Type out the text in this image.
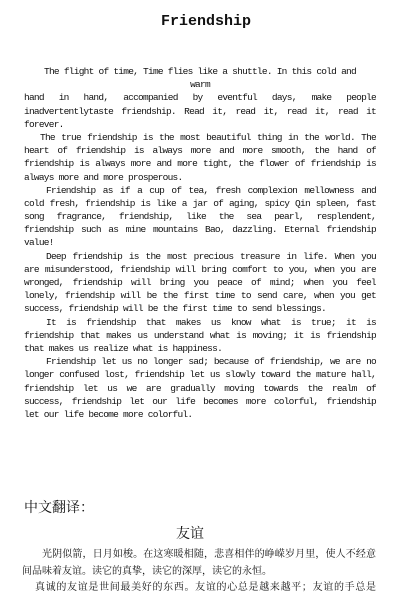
Friendship
The flight of time, Time flies like a shuttle. In this cold and
warm
hand in hand, accompanied by eventful days, make people
inadvertentlytaste friendship. Read it, read it, read it, read it
forever.
The true friendship is the most beautiful thing in the world. The
heart of friendship is always more and more smooth, the hand of
friendship is always more and more tight, the flower of friendship is
always more and more prosperous.
Friendship as if a cup of tea, fresh complexion mellowness and
cold fresh, friendship is like a jar of aging, spicy Qin spleen, fast
song fragrance, friendship, like the sea pearl, resplendent,
friendship such as mine mountains Bao, dazzling. Eternal friendship
value!
Deep friendship is the most precious treasure in life. When you
are misunderstood, friendship will bring comfort to you, when you are
wronged, friendship will bring you peace of mind; when you feel
lonely, friendship will be the first time to send care, when you get
success, friendship will be the first time to send blessings.
It is friendship that makes us know what is true; it is
friendship that makes us understand what is moving; it is friendship
that makes us realize what is happiness.
Friendship let us no longer sad; because of friendship, we are no
longer confused lost, friendship let us slowly toward the mature hall,
friendship let us we are gradually moving towards the realm of
success, friendship let our life becomes more colorful, friendship
let our life become more colorful.
中文翻译：
友谊
光阴似箭，日月如梭。在这寒暖相随，悲喜相伴的峥嵘岁月里，使人不经意
间品味着友谊。读它的真挚，读它的深厚，读它的永恒。
真诚的友谊是世间最美好的东西。友谊的心总是越来越平；友谊的手总是
